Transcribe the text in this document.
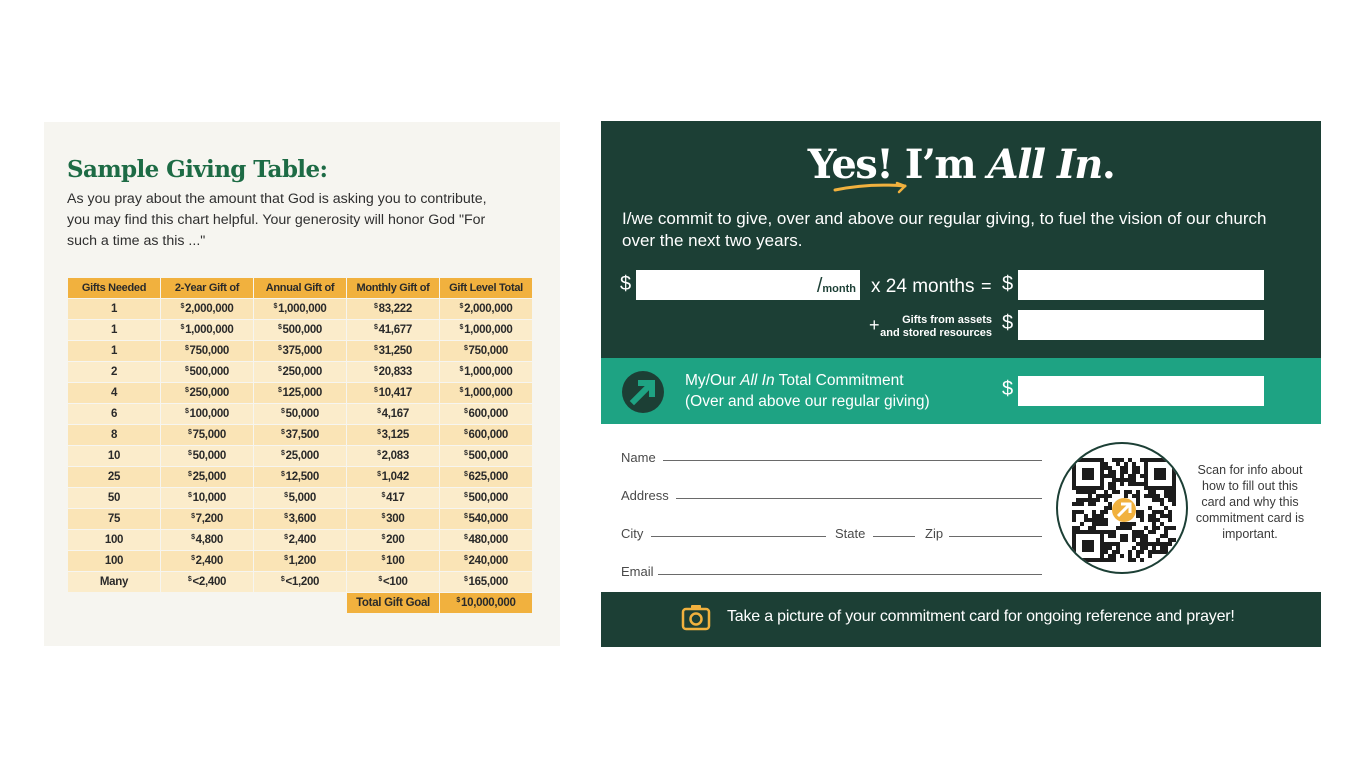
Sample Giving Table:
As you pray about the amount that God is asking you to contribute, you may find this chart helpful. Your generosity will honor God "For such a time as this ..."
Gifts Needed	2-Year Gift of	Annual Gift of	Monthly Gift of	Gift Level Total
1	$2,000,000	$1,000,000	$83,222	$2,000,000
1	$1,000,000	$500,000	$41,677	$1,000,000
1	$750,000	$375,000	$31,250	$750,000
2	$500,000	$250,000	$20,833	$1,000,000
4	$250,000	$125,000	$10,417	$1,000,000
6	$100,000	$50,000	$4,167	$600,000
8	$75,000	$37,500	$3,125	$600,000
10	$50,000	$25,000	$2,083	$500,000
25	$25,000	$12,500	$1,042	$625,000
50	$10,000	$5,000	$417	$500,000
75	$7,200	$3,600	$300	$540,000
100	$4,800	$2,400	$200	$480,000
100	$2,400	$1,200	$100	$240,000
Many	$<2,400	$<1,200	$<100	$165,000
			Total Gift Goal	$10,000,000
Yes! I’m All In.
I/we commit to give, over and above our regular giving, to fuel the vision of our church over the next two years.
$	/month x 24 months = $
+	Gifts from assets and stored resources $
My/Our All In Total Commitment
(Over and above our regular giving)
$
Name
Address
City	State	Zip
Email
Scan for info about how to fill out this card and why this commitment card is important.
Take a picture of your commitment card for ongoing reference and prayer!
